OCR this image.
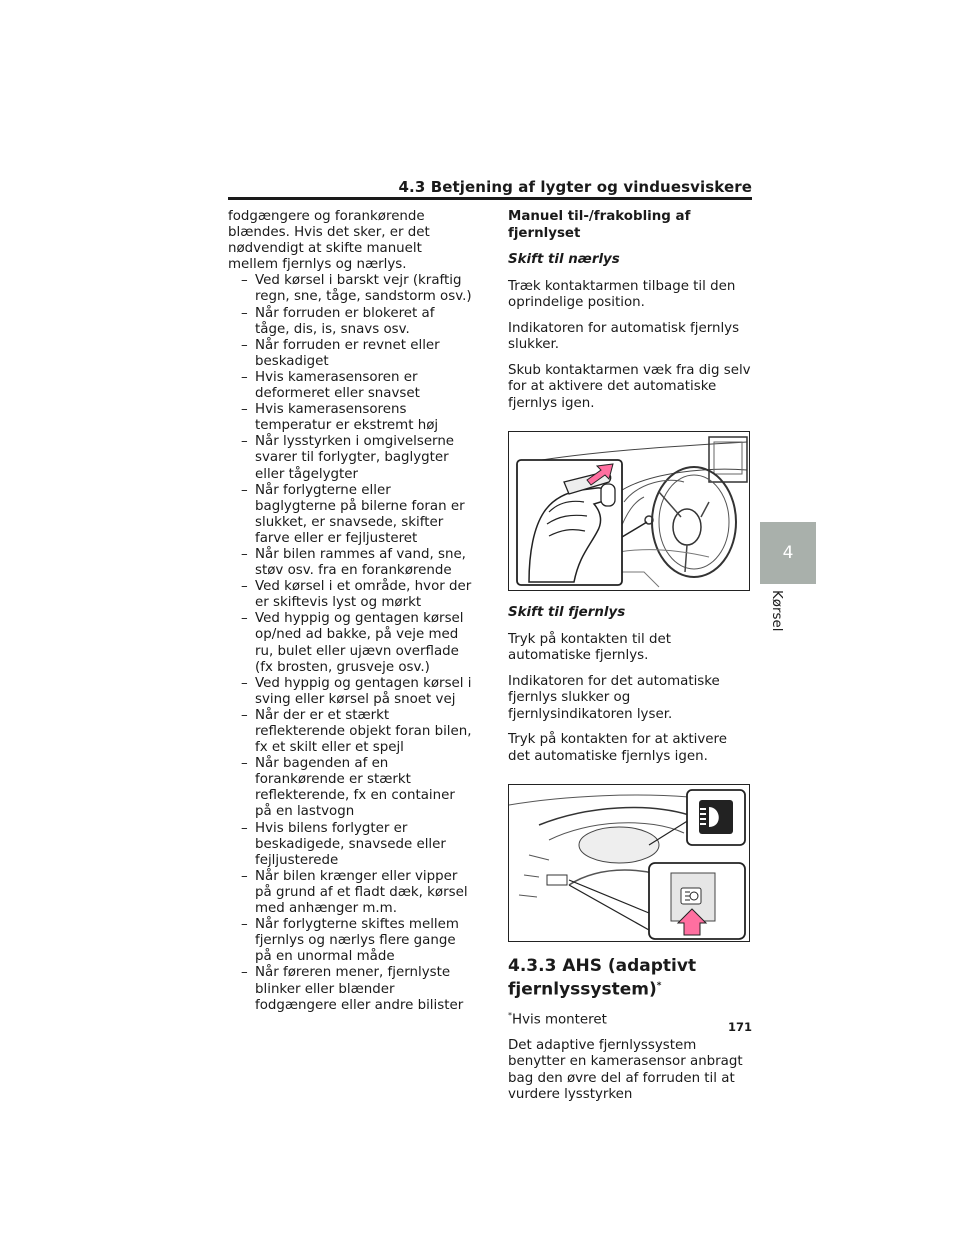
4.3 Betjening af lygter og vinduesviskere

fodgængere og forankørende blændes. Hvis det sker, er det nødvendigt at skifte manuelt mellem fjernlys og nærlys.

– Ved kørsel i barskt vejr (kraftig regn, sne, tåge, sandstorm osv.)
– Når forruden er blokeret af tåge, dis, is, snavs osv.
– Når forruden er revnet eller beskadiget
– Hvis kamerasensoren er deformeret eller snavset
– Hvis kamerasensorens temperatur er ekstremt høj
– Når lysstyrken i omgivelserne svarer til forlygter, baglygter eller tågelygter
– Når forlygterne eller baglygterne på bilerne foran er slukket, er snavsede, skifter farve eller er fejljusteret
– Når bilen rammes af vand, sne, støv osv. fra en forankørende
– Ved kørsel i et område, hvor der er skiftevis lyst og mørkt
– Ved hyppig og gentagen kørsel op/ned ad bakke, på veje med ru, bulet eller ujævn overflade (fx brosten, grusveje osv.)
– Ved hyppig og gentagen kørsel i sving eller kørsel på snoet vej
– Når der er et stærkt reflekterende objekt foran bilen, fx et skilt eller et spejl
– Når bagenden af en forankørende er stærkt reflekterende, fx en container på en lastvogn
– Hvis bilens forlygter er beskadigede, snavsede eller fejljusterede
– Når bilen krænger eller vipper på grund af et fladt dæk, kørsel med anhænger m.m.
– Når forlygterne skiftes mellem fjernlys og nærlys flere gange på en unormal måde
– Når føreren mener, fjernlyste blinker eller blænder fodgængere eller andre bilister

Manuel til-/frakobling af fjernlyset

Skift til nærlys

Træk kontaktarmen tilbage til den oprindelige position.

Indikatoren for automatisk fjernlys slukker.

Skub kontaktarmen væk fra dig selv for at aktivere det automatiske fjernlys igen.

Skift til fjernlys

Tryk på kontakten til det automatiske fjernlys.

Indikatoren for det automatiske fjernlys slukker og fjernlysindikatoren lyser.

Tryk på kontakten for at aktivere det automatiske fjernlys igen.

4.3.3 AHS (adaptivt fjernlyssystem)*

*Hvis monteret

Det adaptive fjernlyssystem benytter en kamerasensor anbragt bag den øvre del af forruden til at vurdere lysstyrken

4
Kørsel
171
